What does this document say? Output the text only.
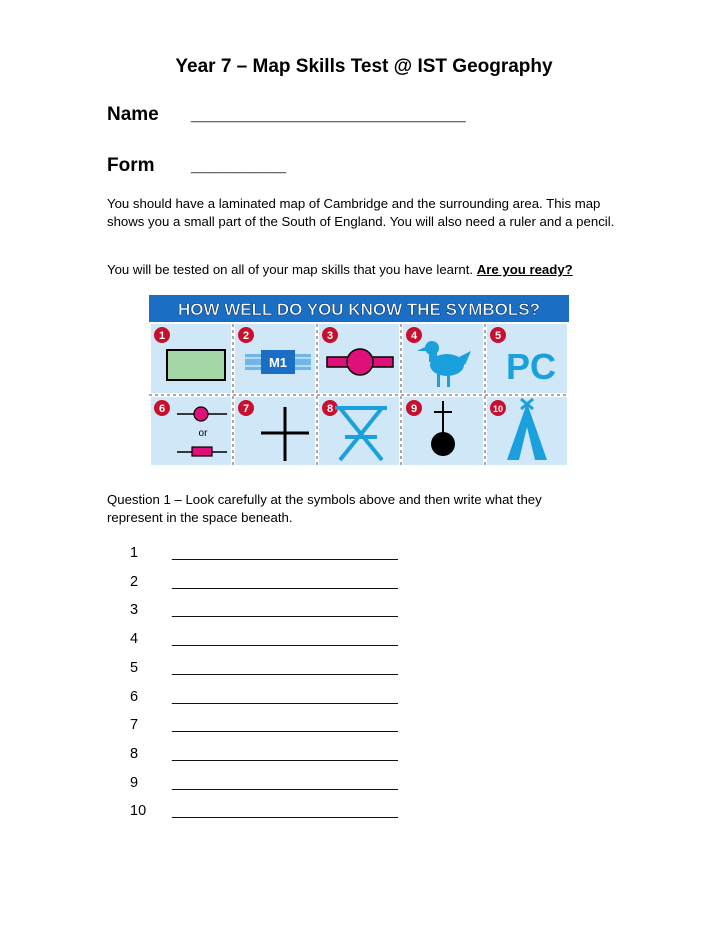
Year 7 – Map Skills Test @ IST Geography
Name __________________________
Form _________
You should have a laminated map of Cambridge and the surrounding area. This map shows you a small part of the South of England. You will also need a ruler and a pencil.
You will be tested on all of your map skills that you have learnt. Are you ready?
HOW WELL DO YOU KNOW THE SYMBOLS?
1	2	3	4	5
6	7	8	9	10
M1	PC
or
Question 1 – Look carefully at the symbols above and then write what they represent in the space beneath.
1 ____________________________
2 ____________________________
3 ____________________________
4 ____________________________
5 ____________________________
6 ____________________________
7 ____________________________
8 ____________________________
9 ____________________________
10 ____________________________
